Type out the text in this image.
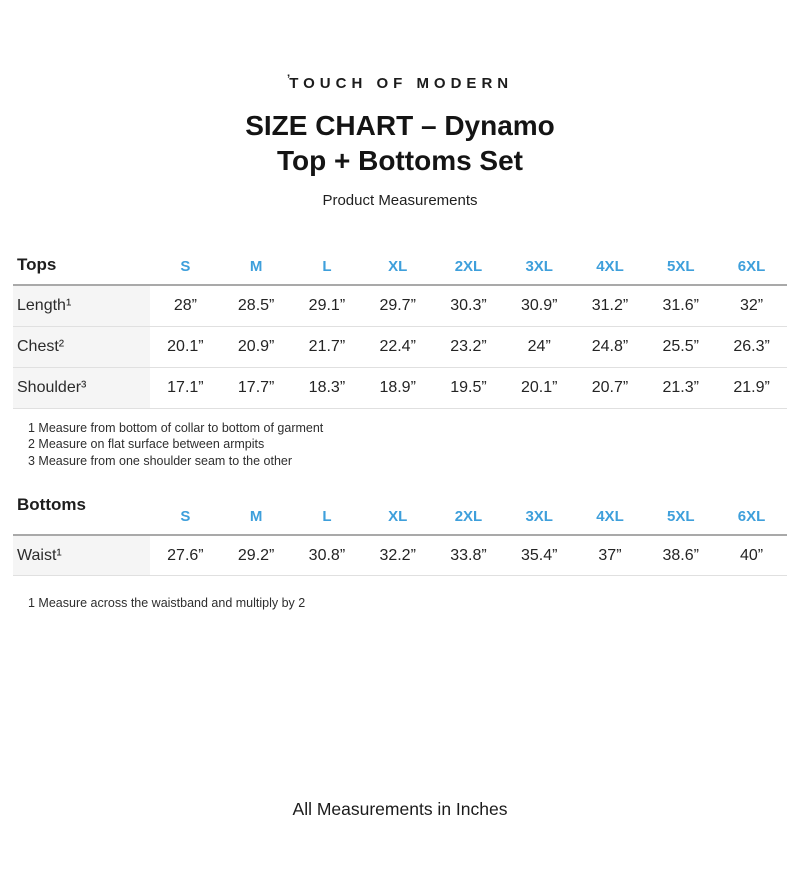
$^ʼ$TOUCH OF MODERN
SIZE CHART – Dynamo
Top + Bottoms Set
Product Measurements
Tops	S	M	L	XL	2XL	3XL	4XL	5XL	6XL
Length¹	28”	28.5”	29.1”	29.7”	30.3”	30.9”	31.2”	31.6”	32”
Chest²	20.1”	20.9”	21.7”	22.4”	23.2”	24”	24.8”	25.5”	26.3”
Shoulder³	17.1”	17.7”	18.3”	18.9”	19.5”	20.1”	20.7”	21.3”	21.9”
1 Measure from bottom of collar to bottom of garment
2 Measure on flat surface between armpits
3 Measure from one shoulder seam to the other
Bottoms	S	M	L	XL	2XL	3XL	4XL	5XL	6XL
Waist¹	27.6”	29.2”	30.8”	32.2”	33.8”	35.4”	37”	38.6”	40”
1 Measure across the waistband and multiply by 2
All Measurements in Inches
